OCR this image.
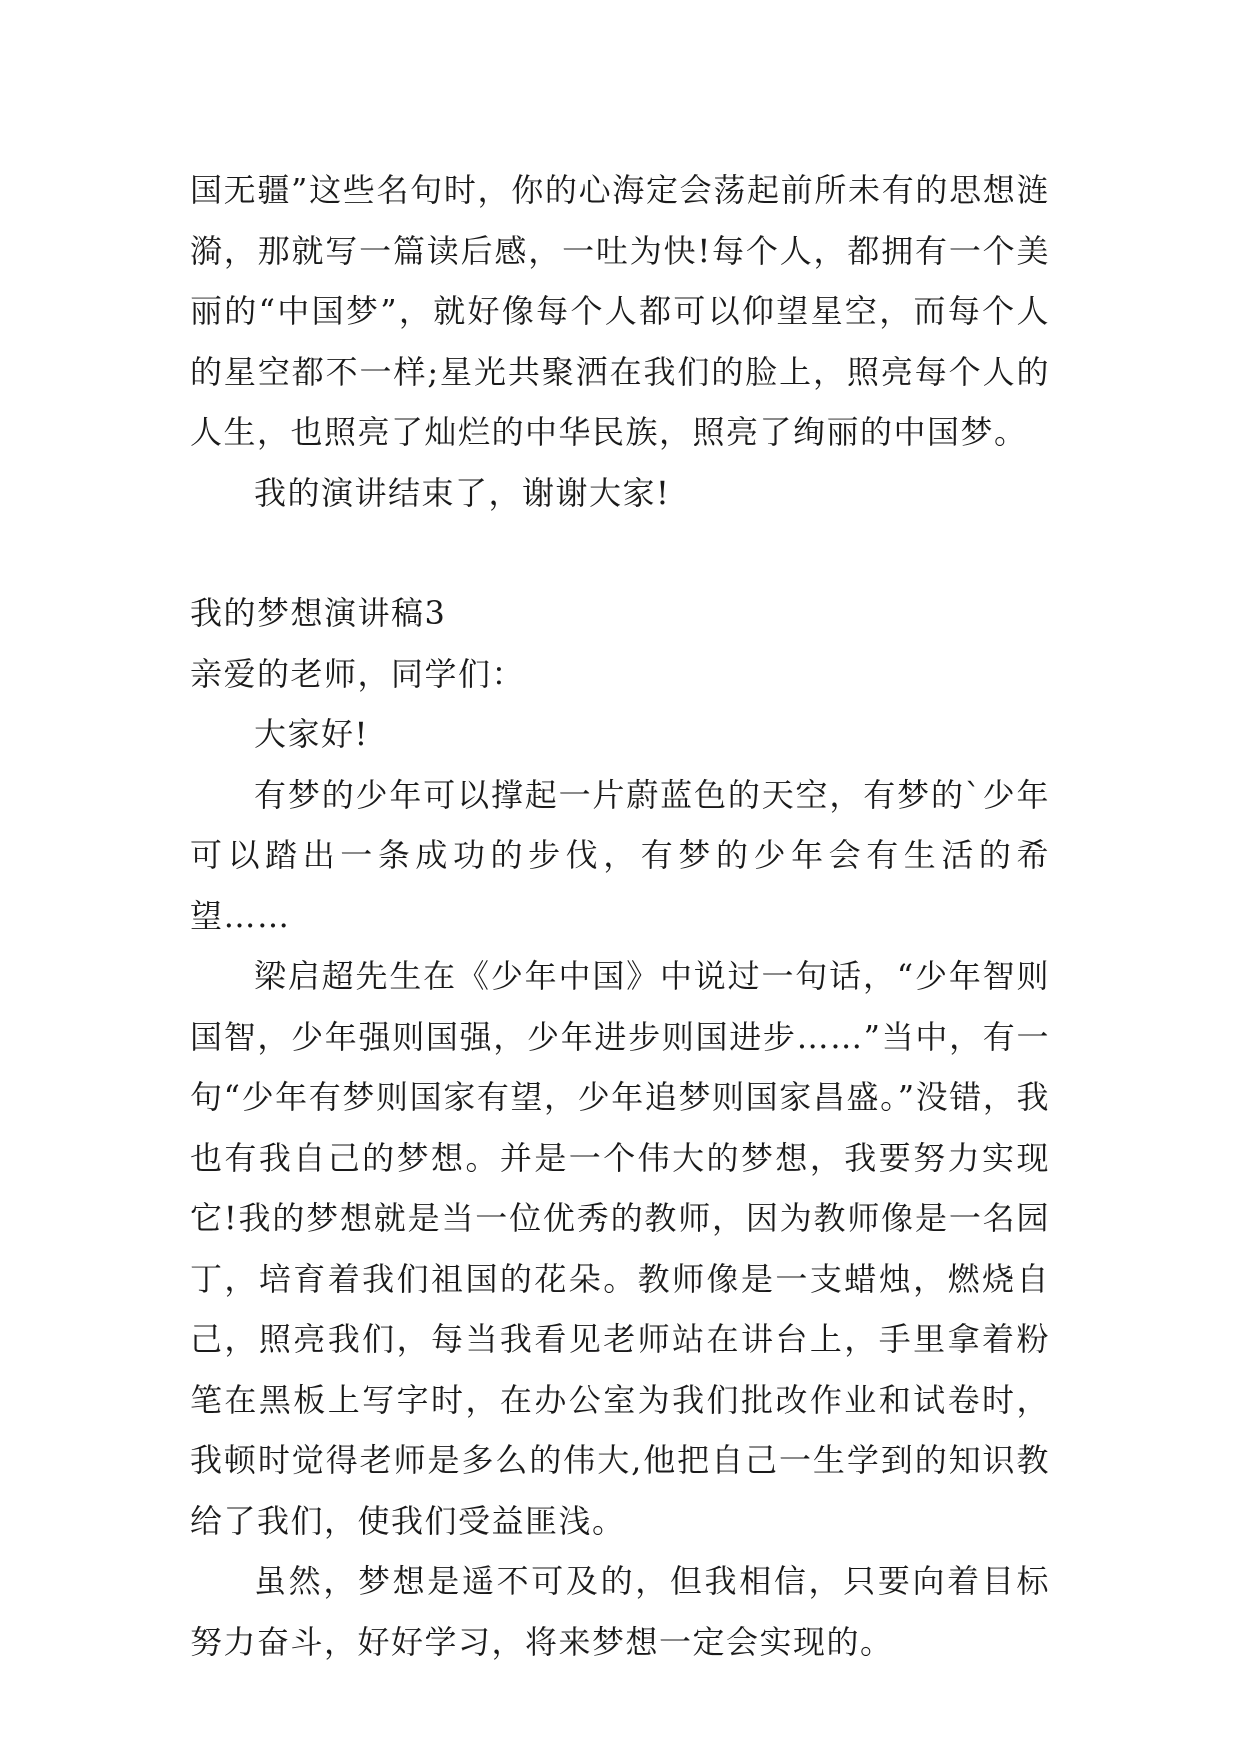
国无疆”这些名句时，你的心海定会荡起前所未有的思想涟漪，那就写一篇读后感，一吐为快!每个人，都拥有一个美丽的“中国梦”，就好像每个人都可以仰望星空，而每个人的星空都不一样;星光共聚洒在我们的脸上，照亮每个人的人生，也照亮了灿烂的中华民族，照亮了绚丽的中国梦。

我的演讲结束了，谢谢大家!

我的梦想演讲稿3

亲爱的老师，同学们：

大家好!

有梦的少年可以撑起一片蔚蓝色的天空，有梦的`少年可以踏出一条成功的步伐，有梦的少年会有生活的希望……

梁启超先生在《少年中国》中说过一句话，“少年智则国智，少年强则国强，少年进步则国进步……”当中，有一句“少年有梦则国家有望，少年追梦则国家昌盛。”没错，我也有我自己的梦想。并是一个伟大的梦想，我要努力实现它!我的梦想就是当一位优秀的教师，因为教师像是一名园丁，培育着我们祖国的花朵。教师像是一支蜡烛，燃烧自己，照亮我们，每当我看见老师站在讲台上，手里拿着粉笔在黑板上写字时，在办公室为我们批改作业和试卷时，我顿时觉得老师是多么的伟大,他把自己一生学到的知识教给了我们，使我们受益匪浅。

虽然，梦想是遥不可及的，但我相信，只要向着目标努力奋斗，好好学习，将来梦想一定会实现的。
